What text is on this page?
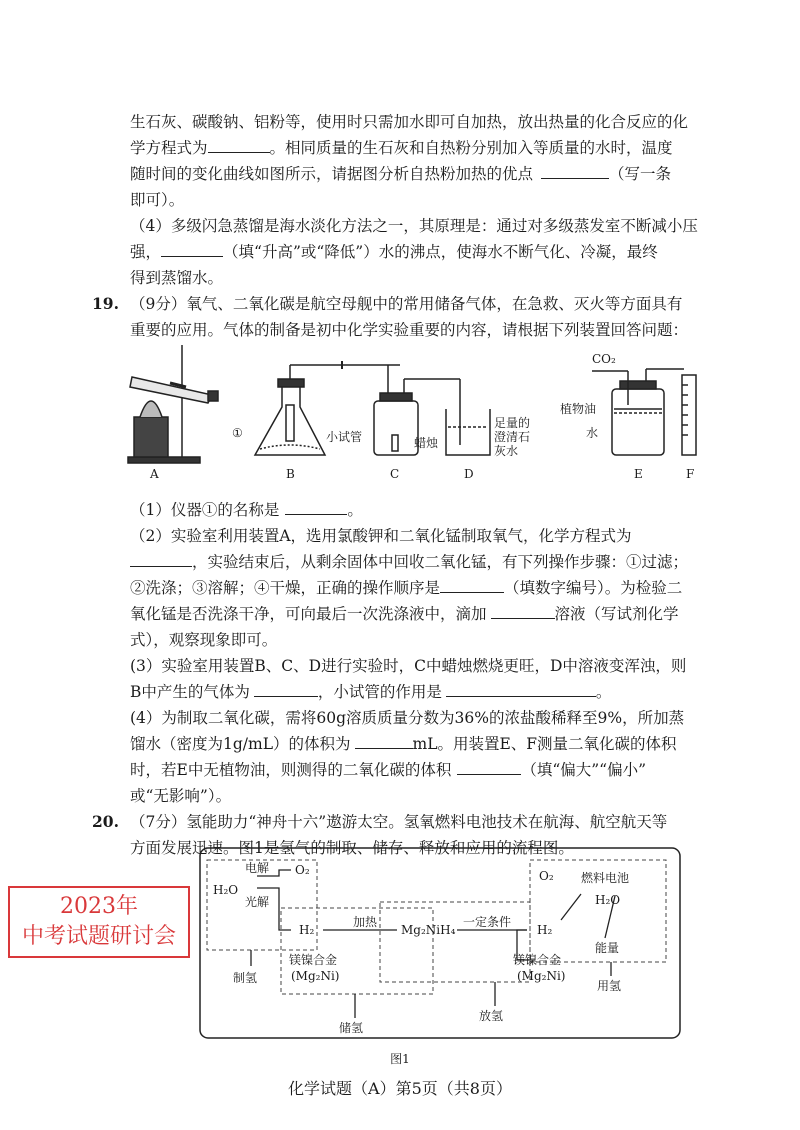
生石灰、碳酸钠、铝粉等，使用时只需加水即可自加热，放出热量的化合反应的化
学方程式为	。相同质量的生石灰和自热粉分别加入等质量的水时，温度
随时间的变化曲线如图所示，请据图分析自热粉加热的优点	（写一条
即可）。
（4）多级闪急蒸馏是海水淡化方法之一，其原理是：通过对多级蒸发室不断减小压
强，	（填“升高”或“降低”）水的沸点，使海水不断气化、冷凝，最终
得到蒸馏水。
19. （9分）氧气、二氧化碳是航空母舰中的常用储备气体，在急救、灭火等方面具有
重要的应用。气体的制备是初中化学实验重要的内容，请根据下列装置回答问题：
A
①	小试管
B
蜡烛
C
足量的
澄清石
灰水
D
CO₂
植物油
水
E	F
（1）仪器①的名称是	。
（2）实验室利用装置A，选用氯酸钾和二氧化锰制取氧气，化学方程式为
，实验结束后，从剩余固体中回收二氧化锰，有下列操作步骤：①过滤；
②洗涤；③溶解；④干燥，正确的操作顺序是	（填数字编号）。为检验二
氧化锰是否洗涤干净，可向最后一次洗涤液中，滴加	溶液（写试剂化学
式），观察现象即可。
(3）实验室用装置B、C、D进行实验时，C中蜡烛燃烧更旺，D中溶液变浑浊，则
B中产生的气体为	，小试管的作用是	。
(4）为制取二氧化碳，需将60g溶质质量分数为36%的浓盐酸稀释至9%，所加蒸
馏水（密度为1g/mL）的体积为	mL。用装置E、F测量二氧化碳的体积
时，若E中无植物油，则测得的二氧化碳的体积	（填“偏大”“偏小”
或“无影响”）。
20. （7分）氢能助力“神舟十六”遨游太空。氢氧燃料电池技术在航海、航空航天等
方面发展迅速。图1是氢气的制取、储存、释放和应用的流程图。
H₂O
电解
光解
O₂
H₂
加热
镁镍合金
(Mg₂Ni)
Mg₂NiH₄
一定条件
H₂
镁镍合金
(Mg₂Ni)
O₂ 燃料电池
H₂O
能量
制氢
储氢
放氢
用氢
图1
2023年
中考试题研讨会
化学试题（A）第5页（共8页）
